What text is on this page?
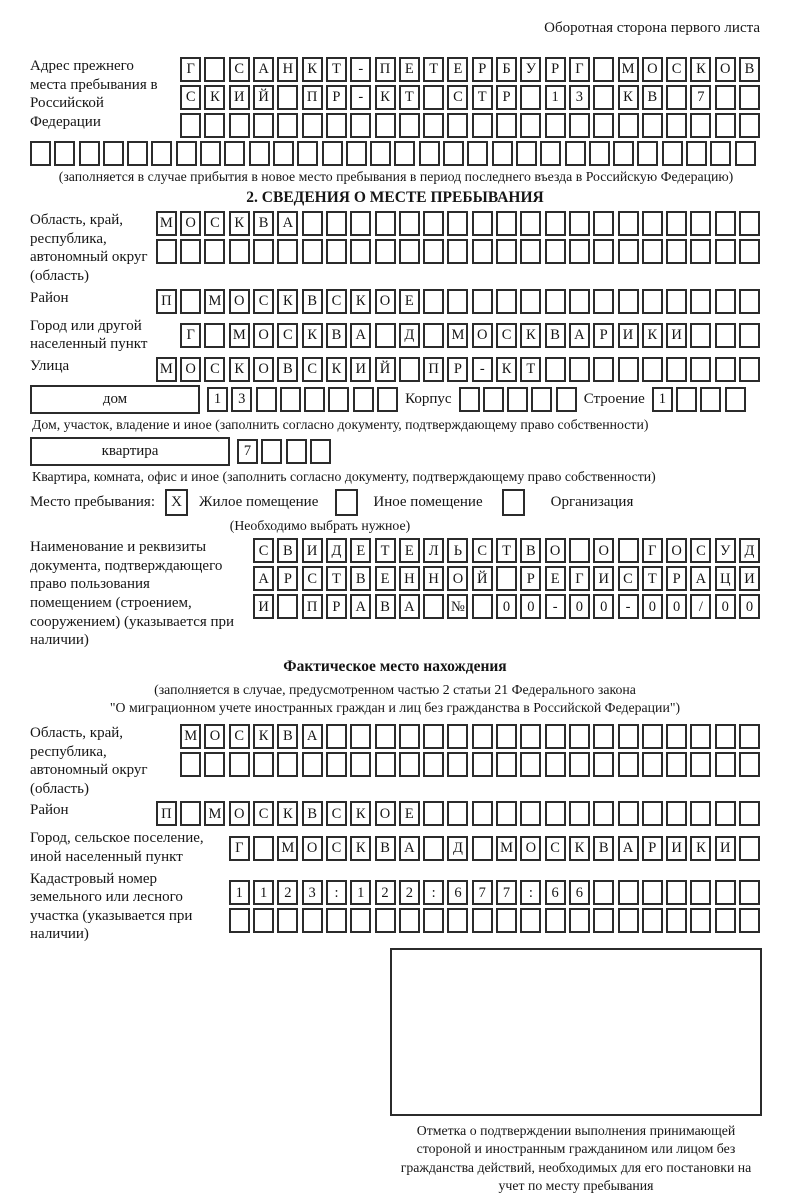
Оборотная сторона первого листа
Адрес прежнего места пребывания в Российской Федерации
Г	С А Н К	Т	-	П	Е	Т	Е	Р	Б	У	Р	Г	М О С	К О В
С	К И Й	П	Р	-	К	Т	С	Т	Р	1	3	К	В	7
(заполняется в случае прибытия в новое место пребывания в период последнего въезда в Российскую Федерацию)
2. СВЕДЕНИЯ О МЕСТЕ ПРЕБЫВАНИЯ
Область, край, республика, автономный округ (область)
М О С	К	В А
Район	П	М О С	К	В	С	К О	Е
Город или другой населенный пункт
Г	М О С	К	В А	Д	М О С	К	В А	Р	И К И
Улица	М О С	К О В	С	К И Й	П	Р	-	К	Т
дом	1	3	Корпус	Строение 1
Дом, участок, владение и иное (заполнить согласно документу, подтверждающему право собственности)
квартира	7
Квартира, комната, офис и иное (заполнить согласно документу, подтверждающему право собственности)
Место пребывания:	X	Жилое помещение	Иное помещение	Организация
(Необходимо выбрать нужное)
Наименование и реквизиты документа, подтверждающего право пользования помещением (строением, сооружением) (указывается при наличии)
С	В И Д	Е	Т	Е	Л	Ь	С	Т	В О	О	Г	О С У Д
А	Р	С	Т	В	Е	Н Н О Й	Р	Е	Г	И С	Т	Р	А Ц И
И	П	Р	А В А	№	0	0	-	0	0	-	0	0	/	0	0
Фактическое место нахождения
(заполняется в случае, предусмотренном частью 2 статьи 21 Федерального закона
"О миграционном учете иностранных граждан и лиц без гражданства в Российской Федерации")
Область, край, республика, автономный округ (область)
М О С	К	В А
Район	П	М О С	К	В	С	К О	Е
Город, сельское поселение, иной населенный пункт
Г	М О С	К	В А	Д	М О С	К	В А	Р	И К И
Кадастровый номер земельного или лесного участка (указывается при наличии)
1	1	2	3	:	1	2	2	:	6	7	7	:	6	6
Отметка о подтверждении выполнения принимающей стороной и иностранным гражданином или лицом без гражданства действий, необходимых для его постановки на учет по месту пребывания
